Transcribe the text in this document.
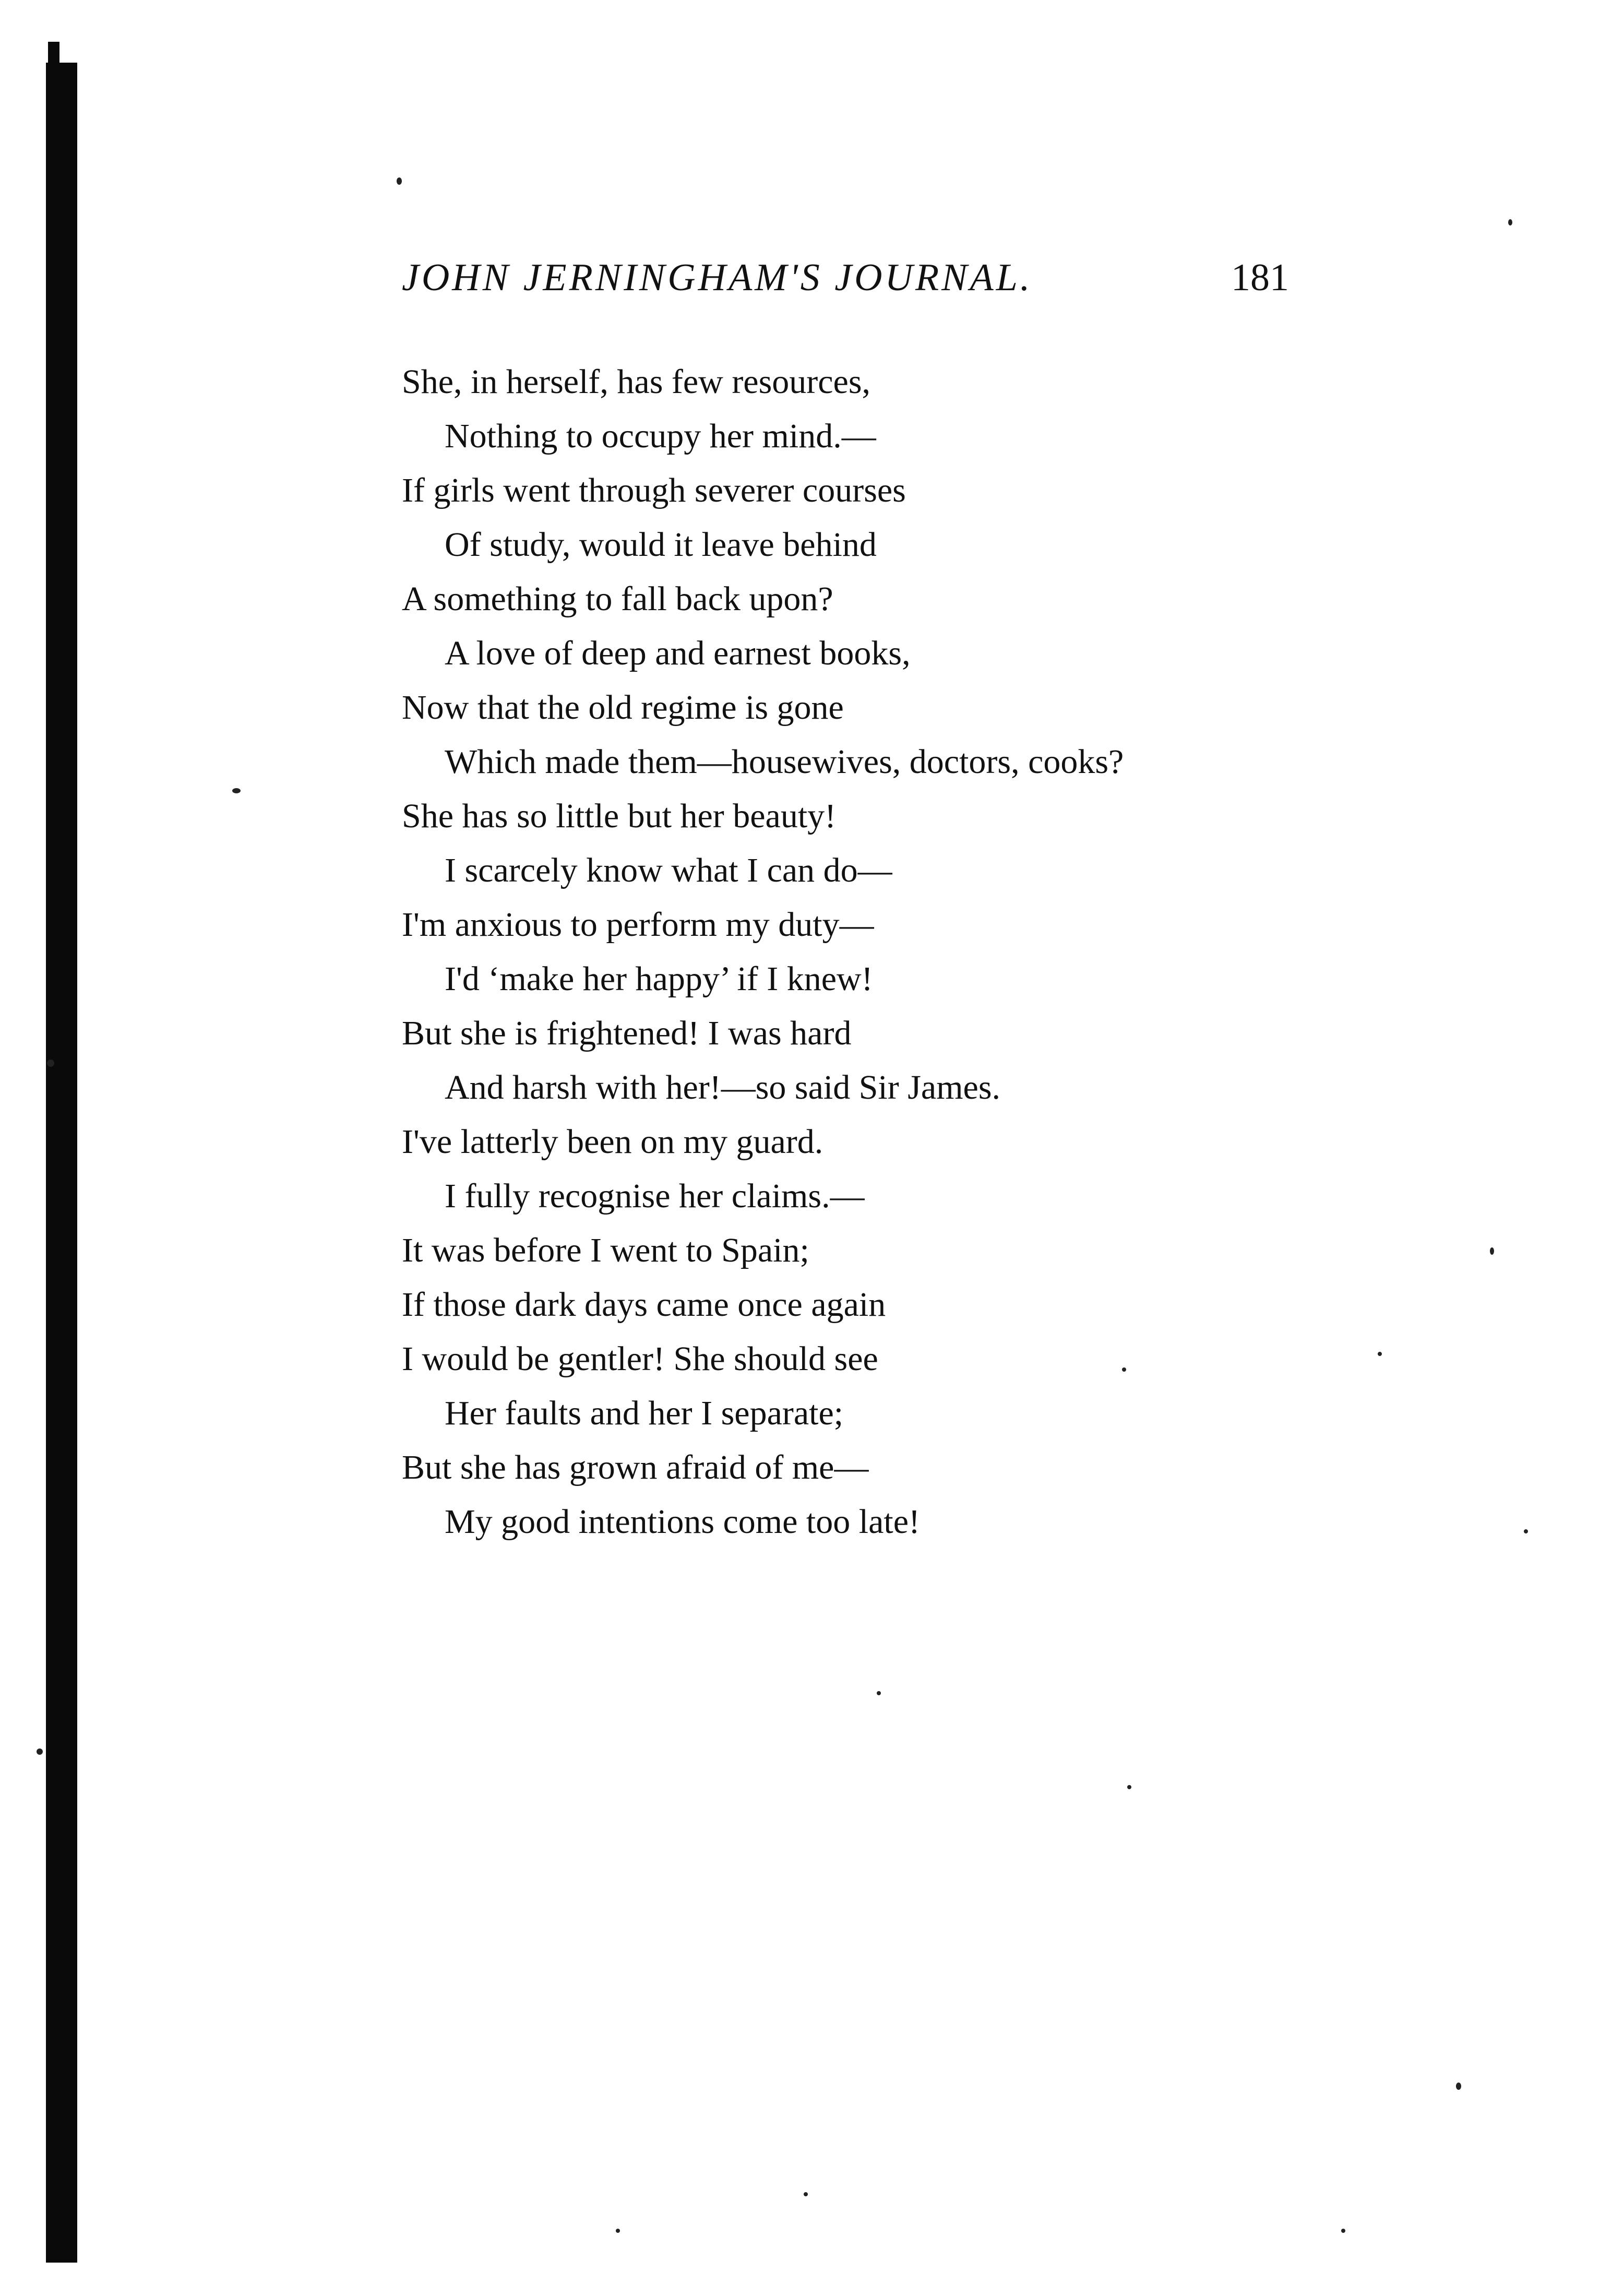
JOHN JERNINGHAM'S JOURNAL.	181
She, in herself, has few resources,
Nothing to occupy her mind.—
If girls went through severer courses
Of study, would it leave behind
A something to fall back upon?
A love of deep and earnest books,
Now that the old regime is gone
Which made them—housewives, doctors, cooks?
She has so little but her beauty!
I scarcely know what I can do—
I'm anxious to perform my duty—
I'd ‘make her happy’ if I knew!
But she is frightened! I was hard
And harsh with her!—so said Sir James.
I've latterly been on my guard.
I fully recognise her claims.—
It was before I went to Spain;
If those dark days came once again
I would be gentler! She should see
Her faults and her I separate;
But she has grown afraid of me—
My good intentions come too late!
